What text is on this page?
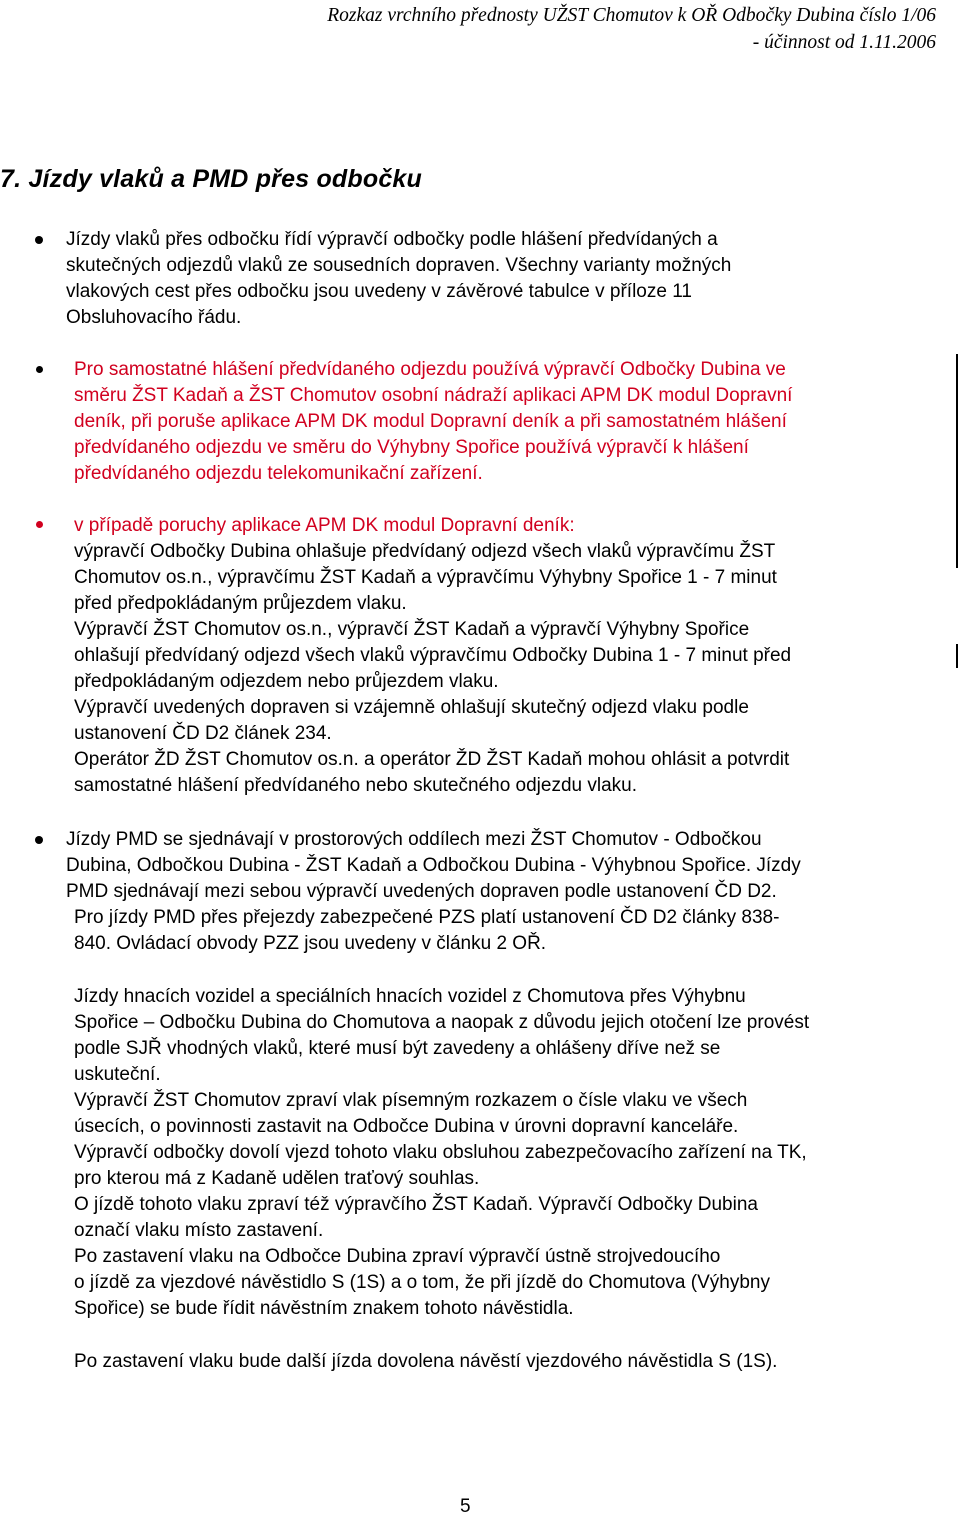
Rozkaz vrchního přednosty UŽST Chomutov k OŘ Odbočky Dubina číslo 1/06
- účinnost od 1.11.2006
7. Jízdy vlaků a PMD přes odbočku
Jízdy vlaků přes odbočku řídí výpravčí odbočky podle hlášení předvídaných a
skutečných odjezdů vlaků ze sousedních dopraven. Všechny varianty možných
vlakových cest přes odbočku jsou uvedeny v závěrové tabulce v příloze 11
Obsluhovacího řádu.
Pro samostatné hlášení předvídaného odjezdu používá výpravčí Odbočky Dubina ve
směru ŽST Kadaň a ŽST Chomutov osobní nádraží aplikaci APM DK modul Dopravní
deník, při poruše aplikace APM DK modul Dopravní deník a při samostatném hlášení
předvídaného odjezdu ve směru do Výhybny Spořice používá výpravčí k hlášení
předvídaného odjezdu telekomunikační zařízení.
v případě poruchy aplikace APM DK modul Dopravní deník:
výpravčí Odbočky Dubina ohlašuje předvídaný odjezd všech vlaků výpravčímu ŽST
Chomutov os.n., výpravčímu ŽST Kadaň a výpravčímu Výhybny Spořice 1 - 7 minut
před předpokládaným průjezdem vlaku.
Výpravčí ŽST Chomutov os.n., výpravčí ŽST Kadaň a výpravčí Výhybny Spořice
ohlašují předvídaný odjezd všech vlaků výpravčímu Odbočky Dubina 1 - 7 minut před
předpokládaným odjezdem nebo průjezdem vlaku.
Výpravčí uvedených dopraven si vzájemně ohlašují skutečný odjezd vlaku podle
ustanovení ČD D2 článek 234.
Operátor ŽD ŽST Chomutov os.n. a operátor ŽD ŽST Kadaň mohou ohlásit a potvrdit
samostatné hlášení předvídaného nebo skutečného odjezdu vlaku.
Jízdy PMD se sjednávají v prostorových oddílech mezi ŽST Chomutov - Odbočkou
Dubina, Odbočkou Dubina - ŽST Kadaň a Odbočkou Dubina - Výhybnou Spořice. Jízdy
PMD sjednávají mezi sebou výpravčí uvedených dopraven podle ustanovení ČD D2.
Pro jízdy PMD přes přejezdy zabezpečené PZS platí ustanovení ČD D2 články 838-
840. Ovládací obvody PZZ jsou uvedeny v článku 2 OŘ.
Jízdy hnacích vozidel a speciálních hnacích vozidel z Chomutova přes Výhybnu
Spořice – Odbočku Dubina do Chomutova a naopak z důvodu jejich otočení lze provést
podle SJŘ vhodných vlaků, které musí být zavedeny a ohlášeny dříve než se
uskuteční.
Výpravčí ŽST Chomutov zpraví vlak písemným rozkazem o čísle vlaku ve všech
úsecích, o povinnosti zastavit na Odbočce Dubina v úrovni dopravní kanceláře.
Výpravčí odbočky dovolí vjezd tohoto vlaku obsluhou zabezpečovacího zařízení na TK,
pro kterou má z Kadaně udělen traťový souhlas.
O jízdě tohoto vlaku zpraví též výpravčího ŽST Kadaň. Výpravčí Odbočky Dubina
označí vlaku místo zastavení.
Po zastavení vlaku na Odbočce Dubina zpraví výpravčí ústně strojvedoucího
o jízdě za vjezdové návěstidlo S (1S) a o tom, že při jízdě do Chomutova (Výhybny
Spořice) se bude řídit návěstním znakem tohoto návěstidla.
Po zastavení vlaku bude další jízda dovolena návěstí vjezdového návěstidla S (1S).
5
